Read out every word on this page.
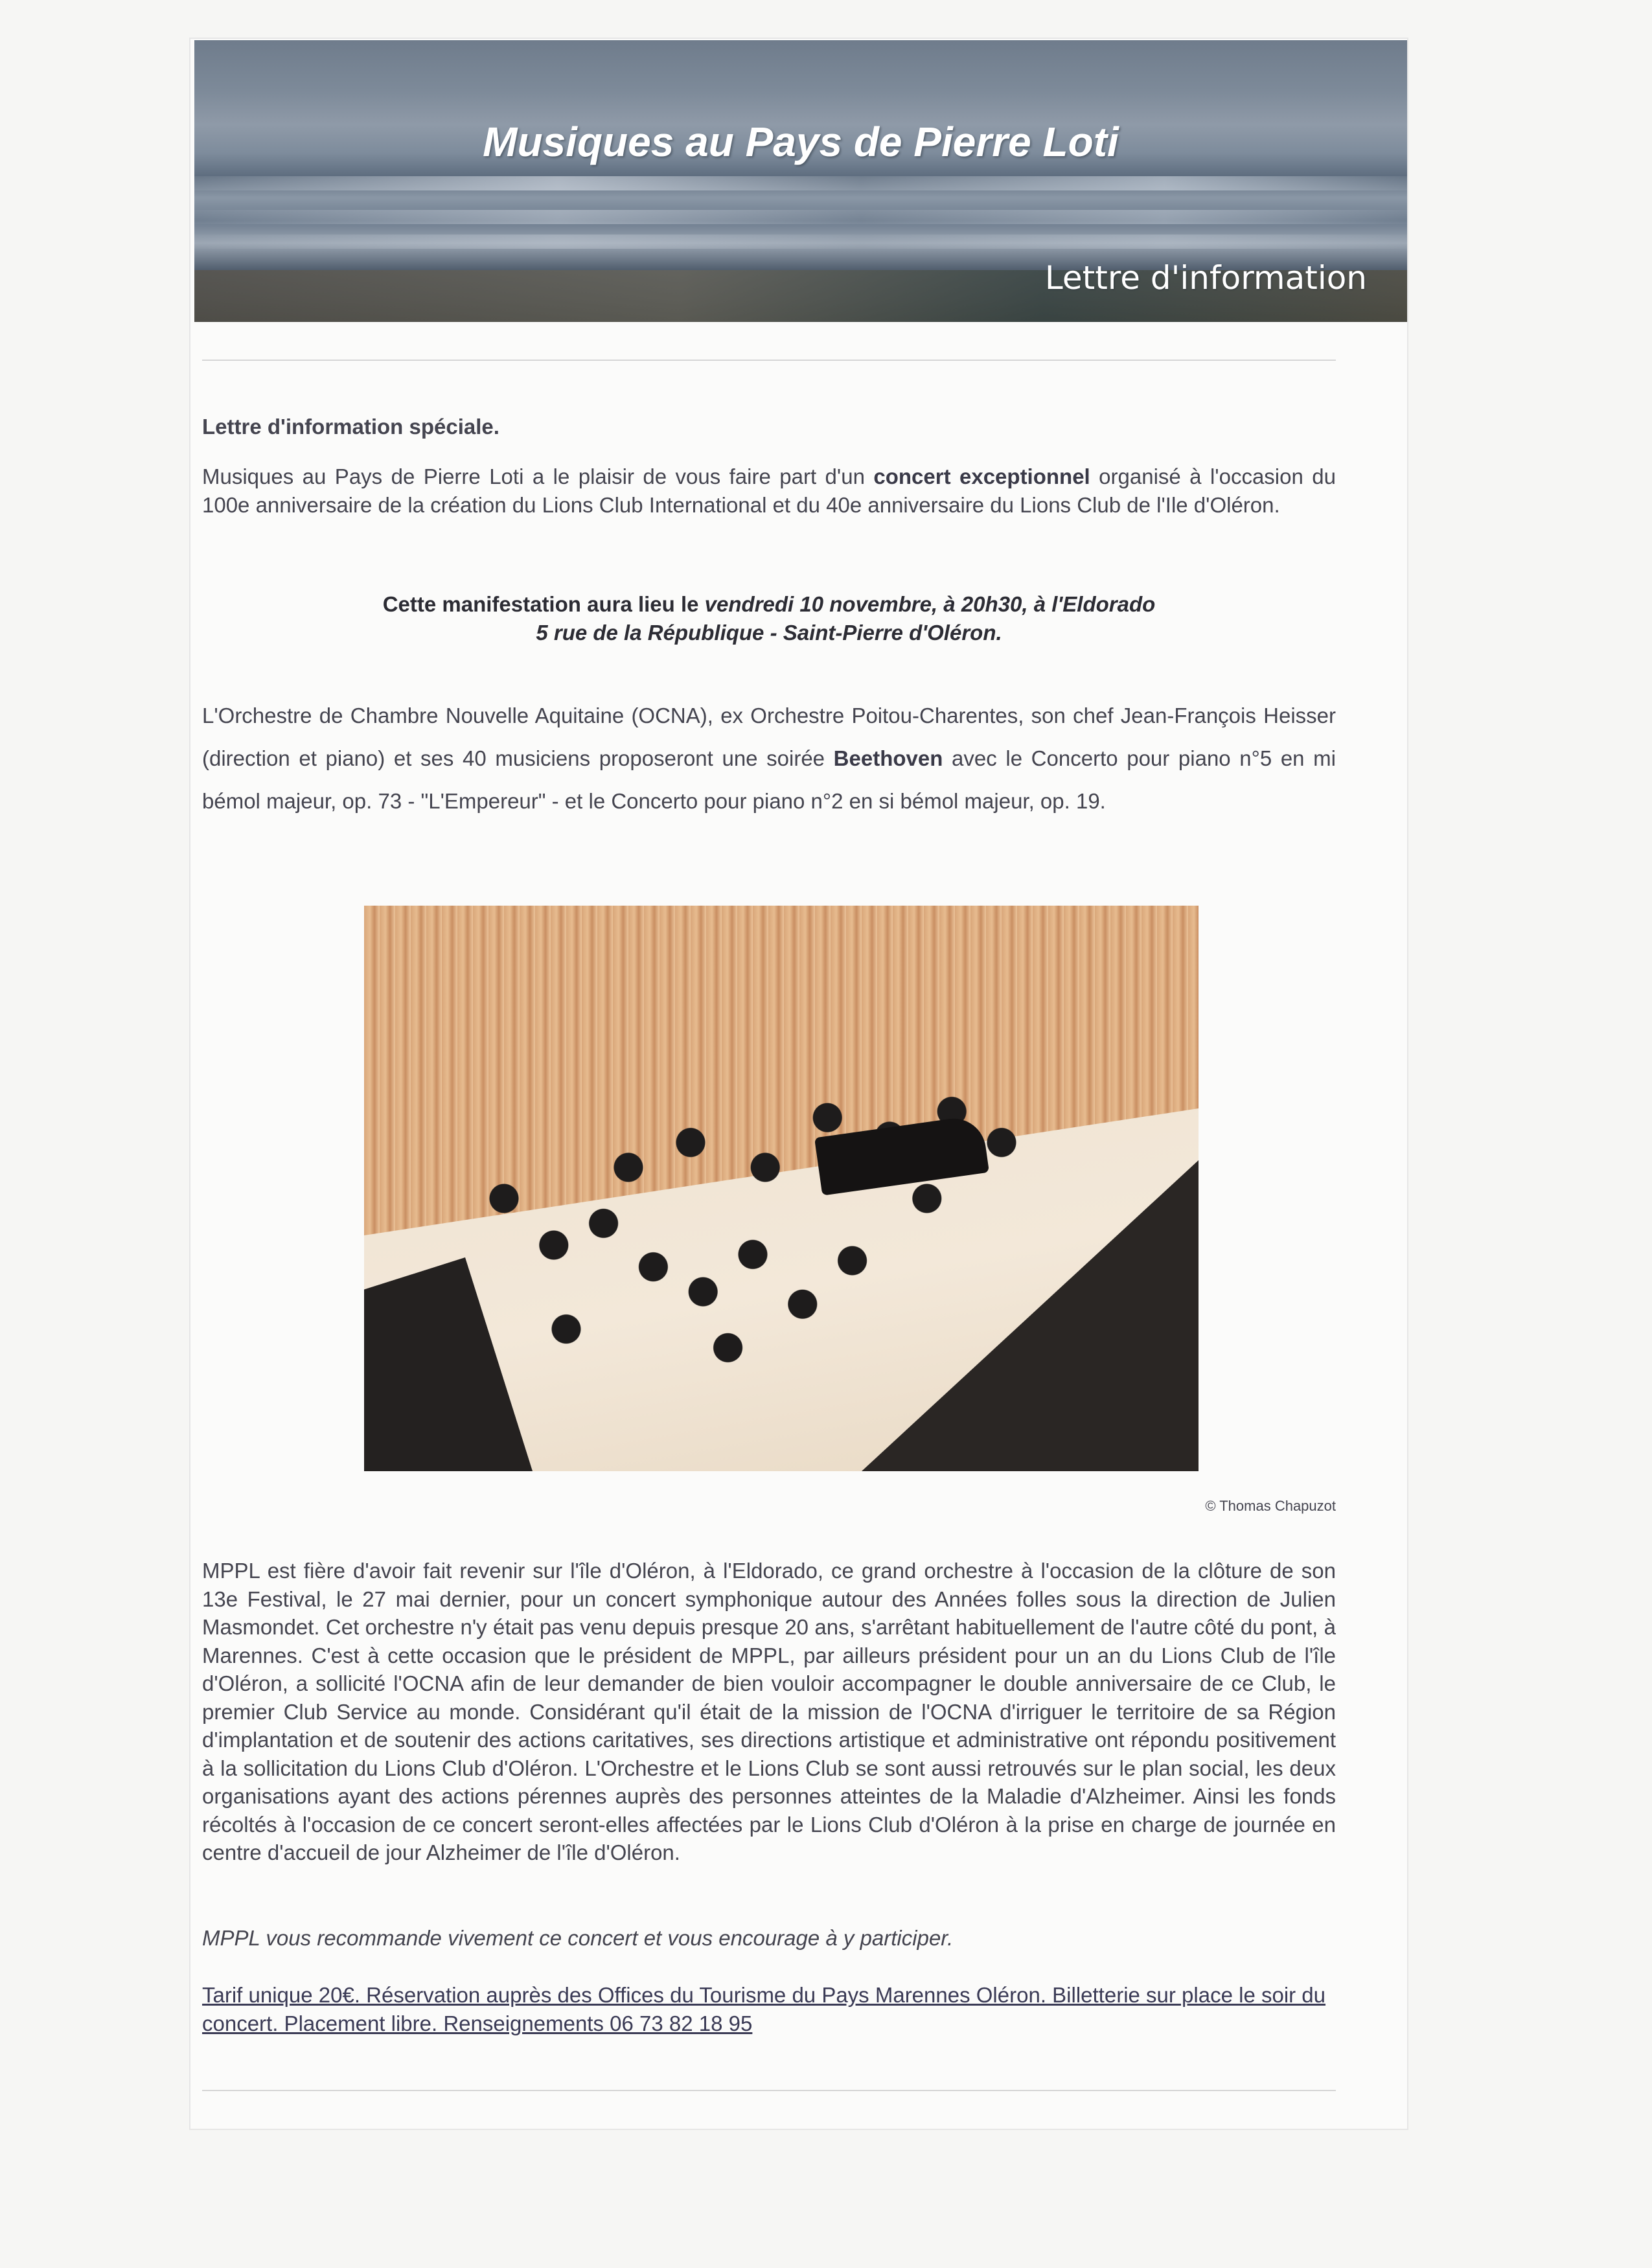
Musiques au Pays de Pierre Loti
Lettre d'information

Lettre d'information spéciale.

Musiques au Pays de Pierre Loti a le plaisir de vous faire part d'un concert exceptionnel organisé à l'occasion du 100e anniversaire de la création du Lions Club International et du 40e anniversaire du Lions Club de l'Ile d'Oléron.

Cette manifestation aura lieu le vendredi 10 novembre, à 20h30, à l'Eldorado
5 rue de la République - Saint-Pierre d'Oléron.

L'Orchestre de Chambre Nouvelle Aquitaine (OCNA), ex Orchestre Poitou-Charentes, son chef Jean-François Heisser (direction et piano) et ses 40 musiciens proposeront une soirée Beethoven avec le Concerto pour piano n°5 en mi bémol majeur, op. 73 - "L'Empereur" - et le Concerto pour piano n°2 en si bémol majeur, op. 19.

© Thomas Chapuzot

MPPL est fière d'avoir fait revenir sur l'île d'Oléron, à l'Eldorado, ce grand orchestre à l'occasion de la clôture de son 13e Festival, le 27 mai dernier, pour un concert symphonique autour des Années folles sous la direction de Julien Masmondet. Cet orchestre n'y était pas venu depuis presque 20 ans, s'arrêtant habituellement de l'autre côté du pont, à Marennes. C'est à cette occasion que le président de MPPL, par ailleurs président pour un an du Lions Club de l'île d'Oléron, a sollicité l'OCNA afin de leur demander de bien vouloir accompagner le double anniversaire de ce Club, le premier Club Service au monde. Considérant qu'il était de la mission de l'OCNA d'irriguer le territoire de sa Région d'implantation et de soutenir des actions caritatives, ses directions artistique et administrative ont répondu positivement à la sollicitation du Lions Club d'Oléron. L'Orchestre et le Lions Club se sont aussi retrouvés sur le plan social, les deux organisations ayant des actions pérennes auprès des personnes atteintes de la Maladie d'Alzheimer. Ainsi les fonds récoltés à l'occasion de ce concert seront-elles affectées par le Lions Club d'Oléron à la prise en charge de journée en centre d'accueil de jour Alzheimer de l'île d'Oléron.

MPPL vous recommande vivement ce concert et vous encourage à y participer.

Tarif unique 20€. Réservation auprès des Offices du Tourisme du Pays Marennes Oléron. Billetterie sur place le soir du concert. Placement libre. Renseignements 06 73 82 18 95
